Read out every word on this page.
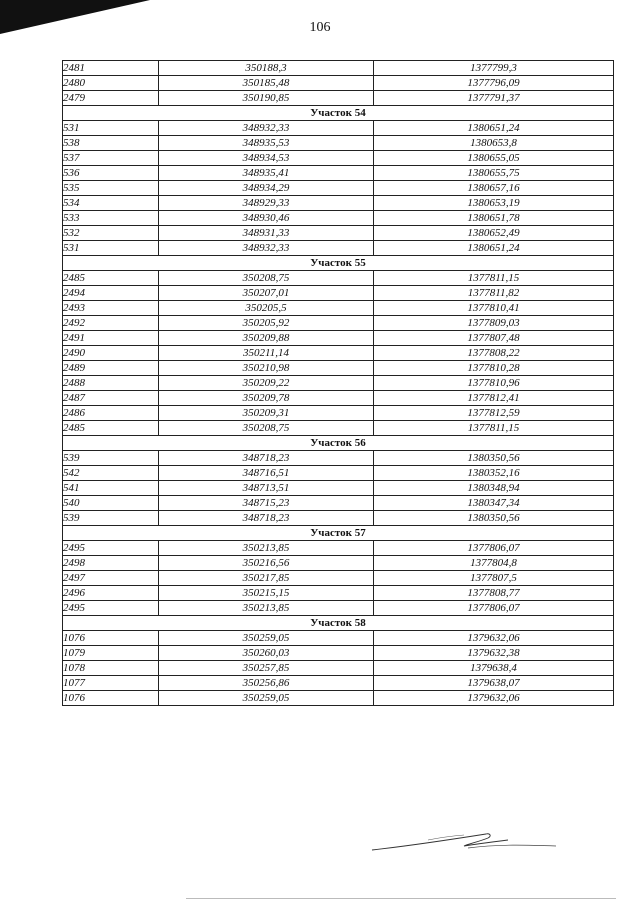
106
2481	350188,3	1377799,3
2480	350185,48	1377796,09
2479	350190,85	1377791,37
Участок 54		
531	348932,33	1380651,24
538	348935,53	1380653,8
537	348934,53	1380655,05
536	348935,41	1380655,75
535	348934,29	1380657,16
534	348929,33	1380653,19
533	348930,46	1380651,78
532	348931,33	1380652,49
531	348932,33	1380651,24
Участок 55		
2485	350208,75	1377811,15
2494	350207,01	1377811,82
2493	350205,5	1377810,41
2492	350205,92	1377809,03
2491	350209,88	1377807,48
2490	350211,14	1377808,22
2489	350210,98	1377810,28
2488	350209,22	1377810,96
2487	350209,78	1377812,41
2486	350209,31	1377812,59
2485	350208,75	1377811,15
Участок 56		
539	348718,23	1380350,56
542	348716,51	1380352,16
541	348713,51	1380348,94
540	348715,23	1380347,34
539	348718,23	1380350,56
Участок 57		
2495	350213,85	1377806,07
2498	350216,56	1377804,8
2497	350217,85	1377807,5
2496	350215,15	1377808,77
2495	350213,85	1377806,07
Участок 58		
1076	350259,05	1379632,06
1079	350260,03	1379632,38
1078	350257,85	1379638,4
1077	350256,86	1379638,07
1076	350259,05	1379632,06
